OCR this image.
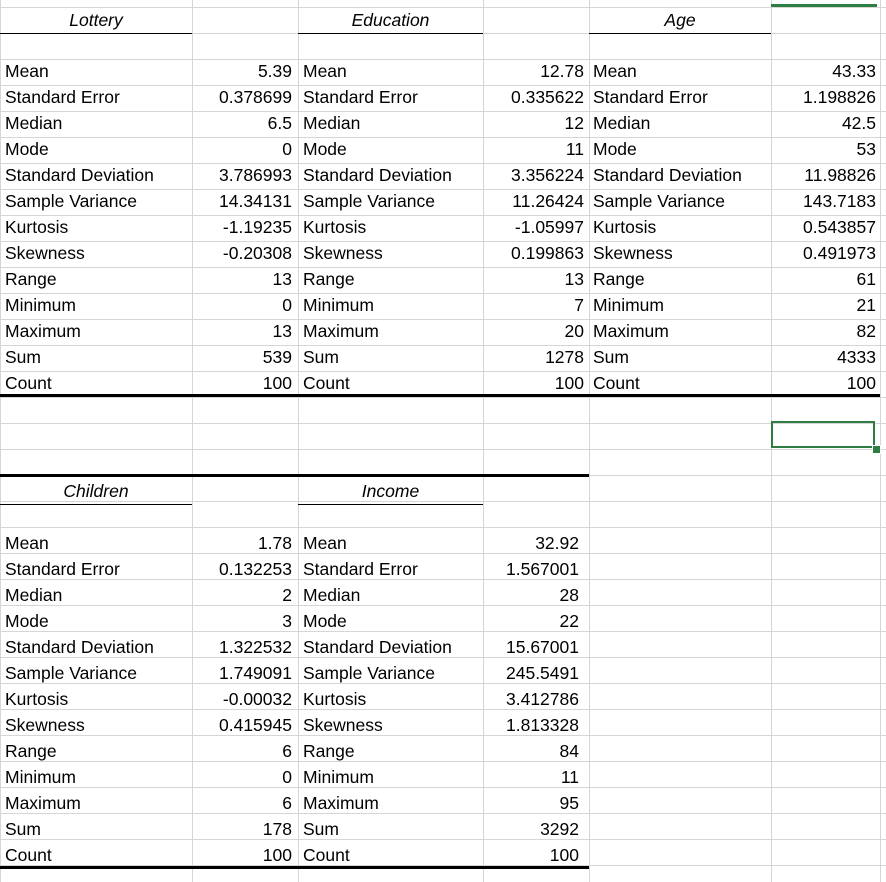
Lottery	Education	Age
Mean	5.39 Mean	12.78 Mean	43.33
Standard Error	0.378699 Standard Error	0.335622 Standard Error	1.198826
Median	6.5 Median	12 Median	42.5
Mode	0 Mode	11 Mode	53
Standard Deviation	3.786993 Standard Deviation	3.356224 Standard Deviation	11.98826
Sample Variance	14.34131 Sample Variance	11.26424 Sample Variance	143.7183
Kurtosis	-1.19235 Kurtosis	-1.05997 Kurtosis	0.543857
Skewness	-0.20308 Skewness	0.199863 Skewness	0.491973
Range	13 Range	13 Range	61
Minimum	0 Minimum	7 Minimum	21
Maximum	13 Maximum	20 Maximum	82
Sum	539 Sum	1278 Sum	4333
Count	100 Count	100 Count	100
Children	Income
Mean	1.78 Mean	32.92
Standard Error	0.132253 Standard Error	1.567001
Median	2 Median	28
Mode	3 Mode	22
Standard Deviation	1.322532 Standard Deviation	15.67001
Sample Variance	1.749091 Sample Variance	245.5491
Kurtosis	-0.00032 Kurtosis	3.412786
Skewness	0.415945 Skewness	1.813328
Range	6 Range	84
Minimum	0 Minimum	11
Maximum	6 Maximum	95
Sum	178 Sum	3292
Count	100 Count	100
